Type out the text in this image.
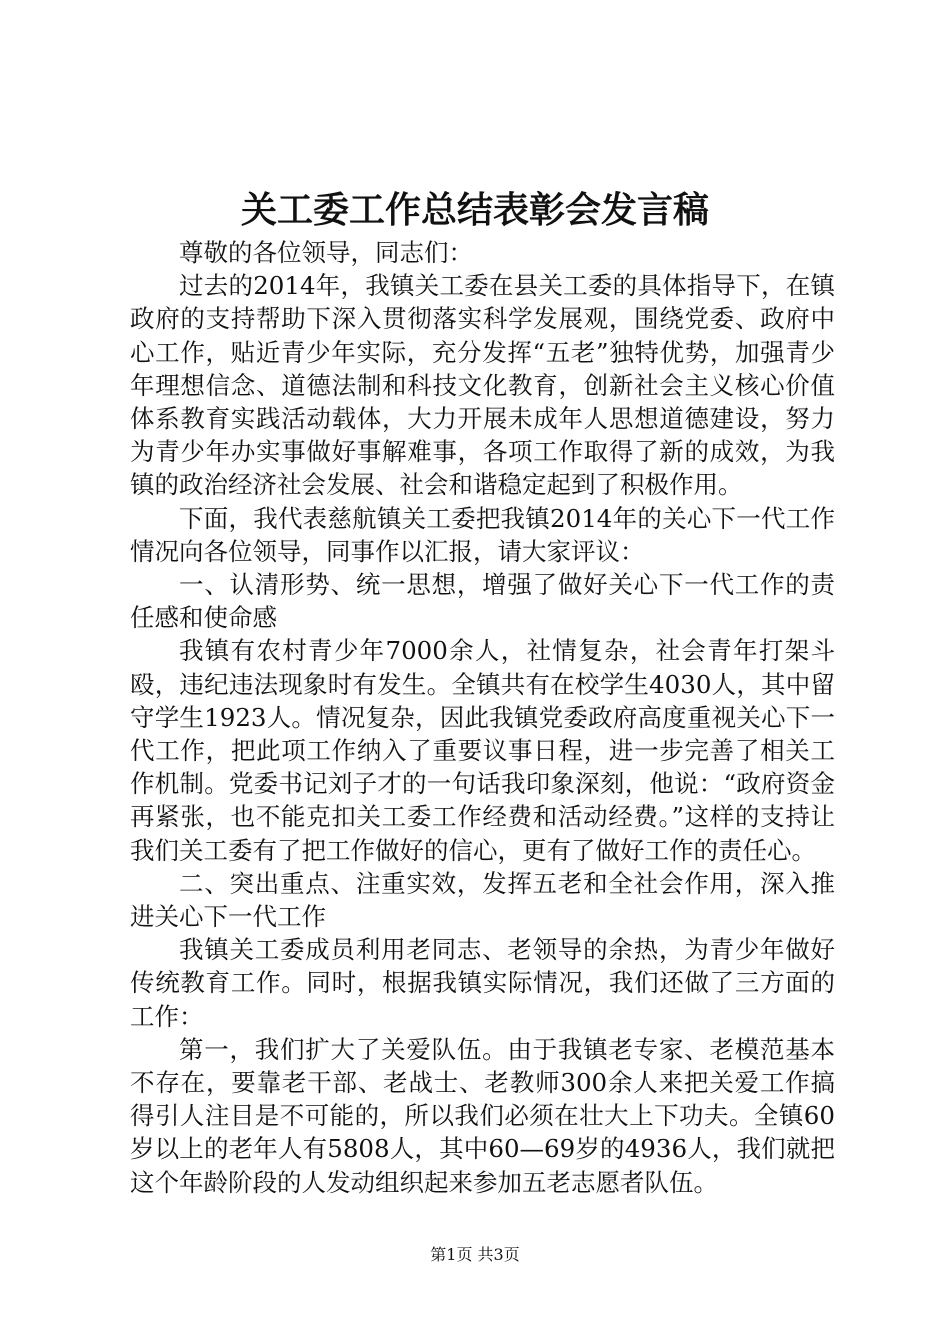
关工委工作总结表彰会发言稿

尊敬的各位领导，同志们：

过去的2014年，我镇关工委在县关工委的具体指导下，在镇政府的支持帮助下深入贯彻落实科学发展观，围绕党委、政府中心工作，贴近青少年实际，充分发挥“五老”独特优势，加强青少年理想信念、道德法制和科技文化教育，创新社会主义核心价值体系教育实践活动载体，大力开展未成年人思想道德建设，努力为青少年办实事做好事解难事，各项工作取得了新的成效，为我镇的政治经济社会发展、社会和谐稳定起到了积极作用。

下面，我代表慈航镇关工委把我镇2014年的关心下一代工作情况向各位领导，同事作以汇报，请大家评议：

一、认清形势、统一思想，增强了做好关心下一代工作的责任感和使命感

我镇有农村青少年7000余人，社情复杂，社会青年打架斗殴，违纪违法现象时有发生。全镇共有在校学生4030人，其中留守学生1923人。情况复杂，因此我镇党委政府高度重视关心下一代工作，把此项工作纳入了重要议事日程，进一步完善了相关工作机制。党委书记刘子才的一句话我印象深刻，他说：“政府资金再紧张，也不能克扣关工委工作经费和活动经费。”这样的支持让我们关工委有了把工作做好的信心，更有了做好工作的责任心。

二、突出重点、注重实效，发挥五老和全社会作用，深入推进关心下一代工作

我镇关工委成员利用老同志、老领导的余热，为青少年做好传统教育工作。同时，根据我镇实际情况，我们还做了三方面的工作：

第一，我们扩大了关爱队伍。由于我镇老专家、老模范基本不存在，要靠老干部、老战士、老教师300余人来把关爱工作搞得引人注目是不可能的，所以我们必须在壮大上下功夫。全镇60岁以上的老年人有5808人，其中60—69岁的4936人，我们就把这个年龄阶段的人发动组织起来参加五老志愿者队伍。

第1页 共3页
